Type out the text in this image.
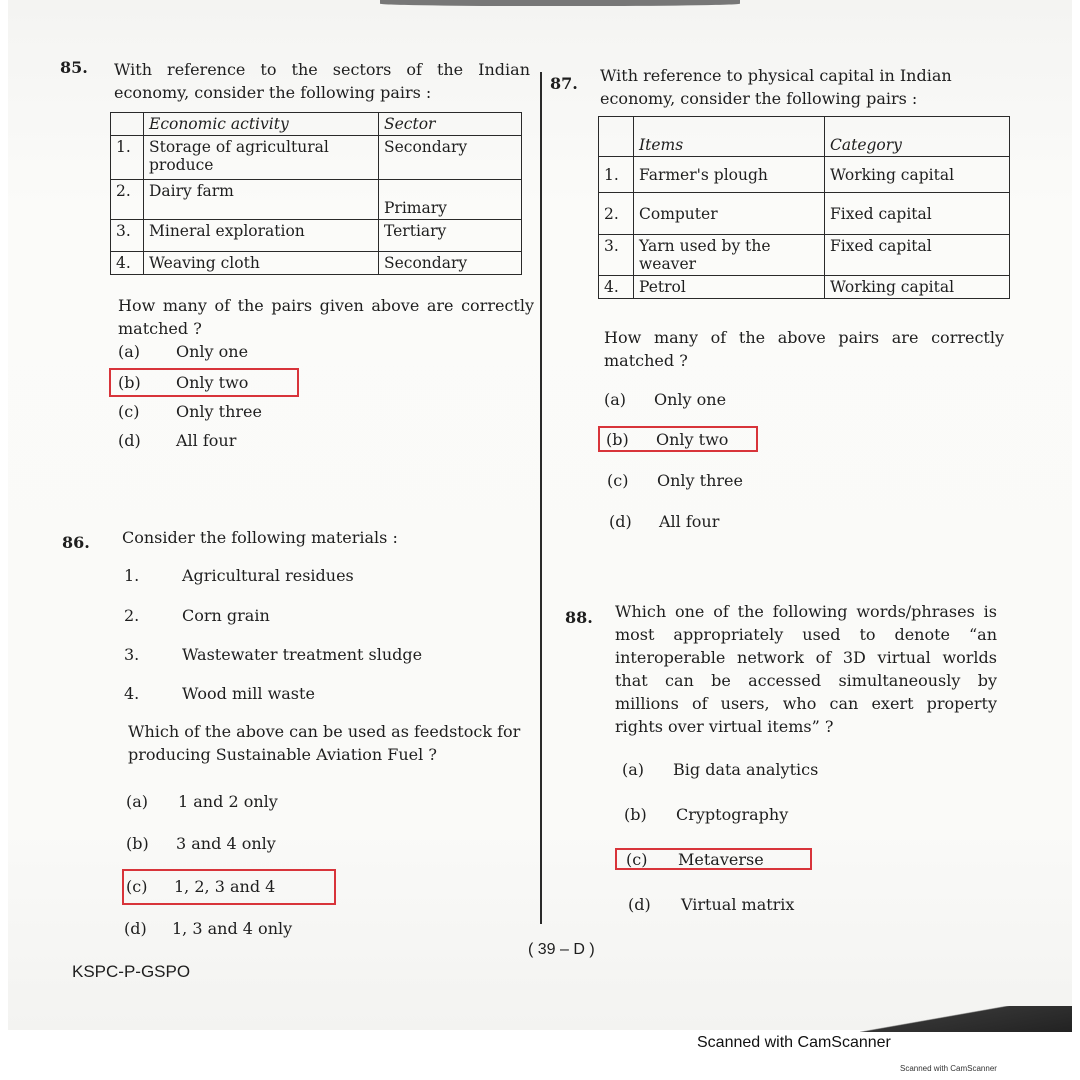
85. With reference to the sectors of the Indian economy, consider the following pairs :
	Economic activity	Sector
1.	Storage of agricultural produce	Secondary
2.	Dairy farm	Primary
3.	Mineral exploration	Tertiary
4.	Weaving cloth	Secondary
How many of the pairs given above are correctly matched ?
(a) Only one
(b) Only two
(c) Only three
(d) All four
86. Consider the following materials :
1.	Agricultural residues
2.	Corn grain
3.	Wastewater treatment sludge
4.	Wood mill waste
Which of the above can be used as feedstock for producing Sustainable Aviation Fuel ?
(a) 1 and 2 only
(b) 3 and 4 only
(c) 1, 2, 3 and 4
(d) 1, 3 and 4 only
87. With reference to physical capital in Indian economy, consider the following pairs :
	Items	Category
1.	Farmer's plough	Working capital
2.	Computer	Fixed capital
3.	Yarn used by the weaver	Fixed capital
4.	Petrol	Working capital
How many of the above pairs are correctly matched ?
(a) Only one
(b) Only two
(c) Only three
(d) All four
88. Which one of the following words/phrases is most appropriately used to denote “an interoperable network of 3D virtual worlds that can be accessed simultaneously by millions of users, who can exert property rights over virtual items” ?
(a) Big data analytics
(b) Cryptography
(c) Metaverse
(d) Virtual matrix
( 39 – D )
KSPC-P-GSPO
Scanned with CamScanner
Scanned with CamScanner
